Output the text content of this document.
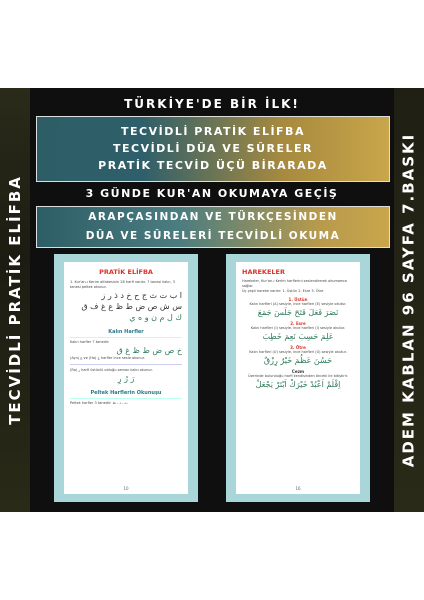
TECVİDLİ PRATİK ELİFBA	ADEM KABLAN 96 SAYFA 7.BASKI
TÜRKİYE'DE BİR İLK!
TECVİDLİ PRATİK ELİFBA
TECVİDLİ DÛA VE SÛRELER
PRATİK TECVİD ÜÇÜ BİRARADA
3 GÜNDE KUR'AN OKUMAYA GEÇİŞ
ARAPÇASINDAN VE TÜRKÇESİNDEN
DÛA VE SÛRELERİ TECVİDLİ OKUMA
PRATİK ELİFBA
1. Kur'an-ı Kerim alfabesinin 28 harfi vardır. 7 tanesi kalın, 3 tanesi peltek okunur.
ا ب ت ث ج ح خ د ذ ر ز
س ش ص ض ط ظ ع غ ف ق
ك ل م ن و ه ي
Kalın Harfler
Kalın harfler 7 tanedir:
خ ص ض ط ظ غ ق
(Ayn) ع ve (Ha) ح harfler ince sesle okunur.
(Ra) ر harfi üstünlü olduğu zaman kalın okunur.
رَ رُ رِ
Peltek Harflerin Okunuşu
Peltek harfler 3 tanedir: ث - ذ - ظ
10
HAREKELER
Harekeler, Kur'an-ı Kerim harflerini seslendirerek okumamızı sağlar.
Üç çeşit hareke vardır: 1. Üstün 2. Esre 3. Ötre
1. Üstün
Kalın harfleri (A) sesiyle, ince harfleri (E) sesiyle okutur.
نَصَرَ فَعَلَ فَتَحَ جَلَسَ جَمَعَ
2. Esre
Kalın harfleri (I) sesiyle, ince harfleri (İ) sesiyle okutur.
عَلِمَ حَسِبَ نَعِمَ خَطِبَ
3. Ötre
Kalın harfleri (U) sesiyle, ince harfleri (Ü) sesiyle okutur.
حَسُنَ عَظُمَ خَيْرٌ رِزْقٌ
Cezm
Üzerinde bulunduğu harfi kendisinden önceki ile bitiştirir.
اِقْلَمْ اَعْبُدْ خَيْرَكْ اَبْتَرْ يَجْعَلْ
16
